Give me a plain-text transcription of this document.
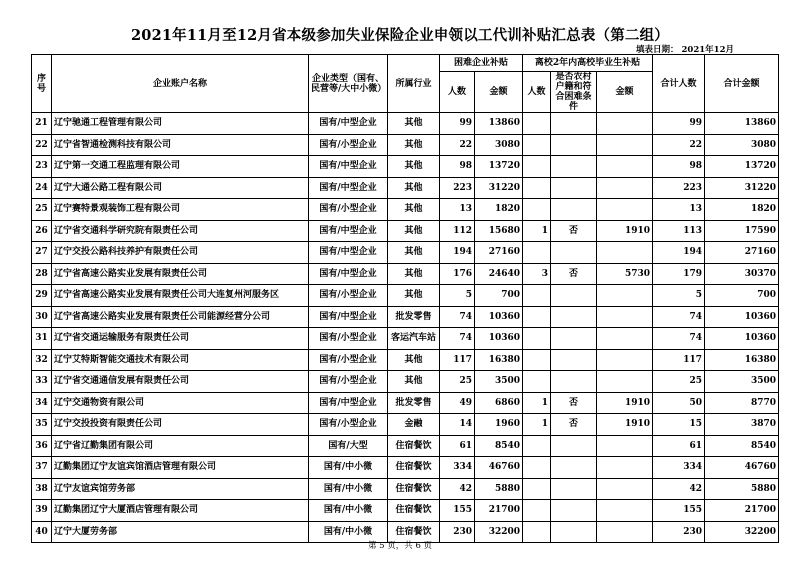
2021年11月至12月省本级参加失业保险企业申领以工代训补贴汇总表（第二组）
填表日期： 2021年12月
序号	企业账户名称	企业类型（国有、民营等/大中小微）	所属行业	困难企业补贴		离校2年内高校毕业生补贴			合计人数	合计金额
						人数	是否农村户籍和符合困难条件	金额		
				人数	金额					
21	辽宁驰通工程管理有限公司	国有/中型企业	其他	99	13860				99	13860
22	辽宁省智通检测科技有限公司	国有/小型企业	其他	22	3080				22	3080
23	辽宁第一交通工程监理有限公司	国有/中型企业	其他	98	13720				98	13720
24	辽宁大通公路工程有限公司	国有/中型企业	其他	223	31220				223	31220
25	辽宁赛特景观装饰工程有限公司	国有/小型企业	其他	13	1820				13	1820
26	辽宁省交通科学研究院有限责任公司	国有/中型企业	其他	112	15680	1	否	1910	113	17590
27	辽宁交投公路科技养护有限责任公司	国有/中型企业	其他	194	27160				194	27160
28	辽宁省高速公路实业发展有限责任公司	国有/中型企业	其他	176	24640	3	否	5730	179	30370
29	辽宁省高速公路实业发展有限责任公司大连复州河服务区	国有/小型企业	其他	5	700				5	700
30	辽宁省高速公路实业发展有限责任公司能源经营分公司	国有/中型企业	批发零售	74	10360				74	10360
31	辽宁省交通运输服务有限责任公司	国有/小型企业	客运汽车站	74	10360				74	10360
32	辽宁艾特斯智能交通技术有限公司	国有/小型企业	其他	117	16380				117	16380
33	辽宁省交通通信发展有限责任公司	国有/小型企业	其他	25	3500				25	3500
34	辽宁交通物资有限公司	国有/中型企业	批发零售	49	6860	1	否	1910	50	8770
35	辽宁交投投资有限责任公司	国有/小型企业	金融	14	1960	1	否	1910	15	3870
36	辽宁省辽勤集团有限公司	国有/大型	住宿餐饮	61	8540				61	8540
37	辽勤集团辽宁友谊宾馆酒店管理有限公司	国有/中小微	住宿餐饮	334	46760				334	46760
38	辽宁友谊宾馆劳务部	国有/中小微	住宿餐饮	42	5880				42	5880
39	辽勤集团辽宁大厦酒店管理有限公司	国有/中小微	住宿餐饮	155	21700				155	21700
40	辽宁大厦劳务部	国有/中小微	住宿餐饮	230	32200				230	32200
第 5 页，共 6 页
